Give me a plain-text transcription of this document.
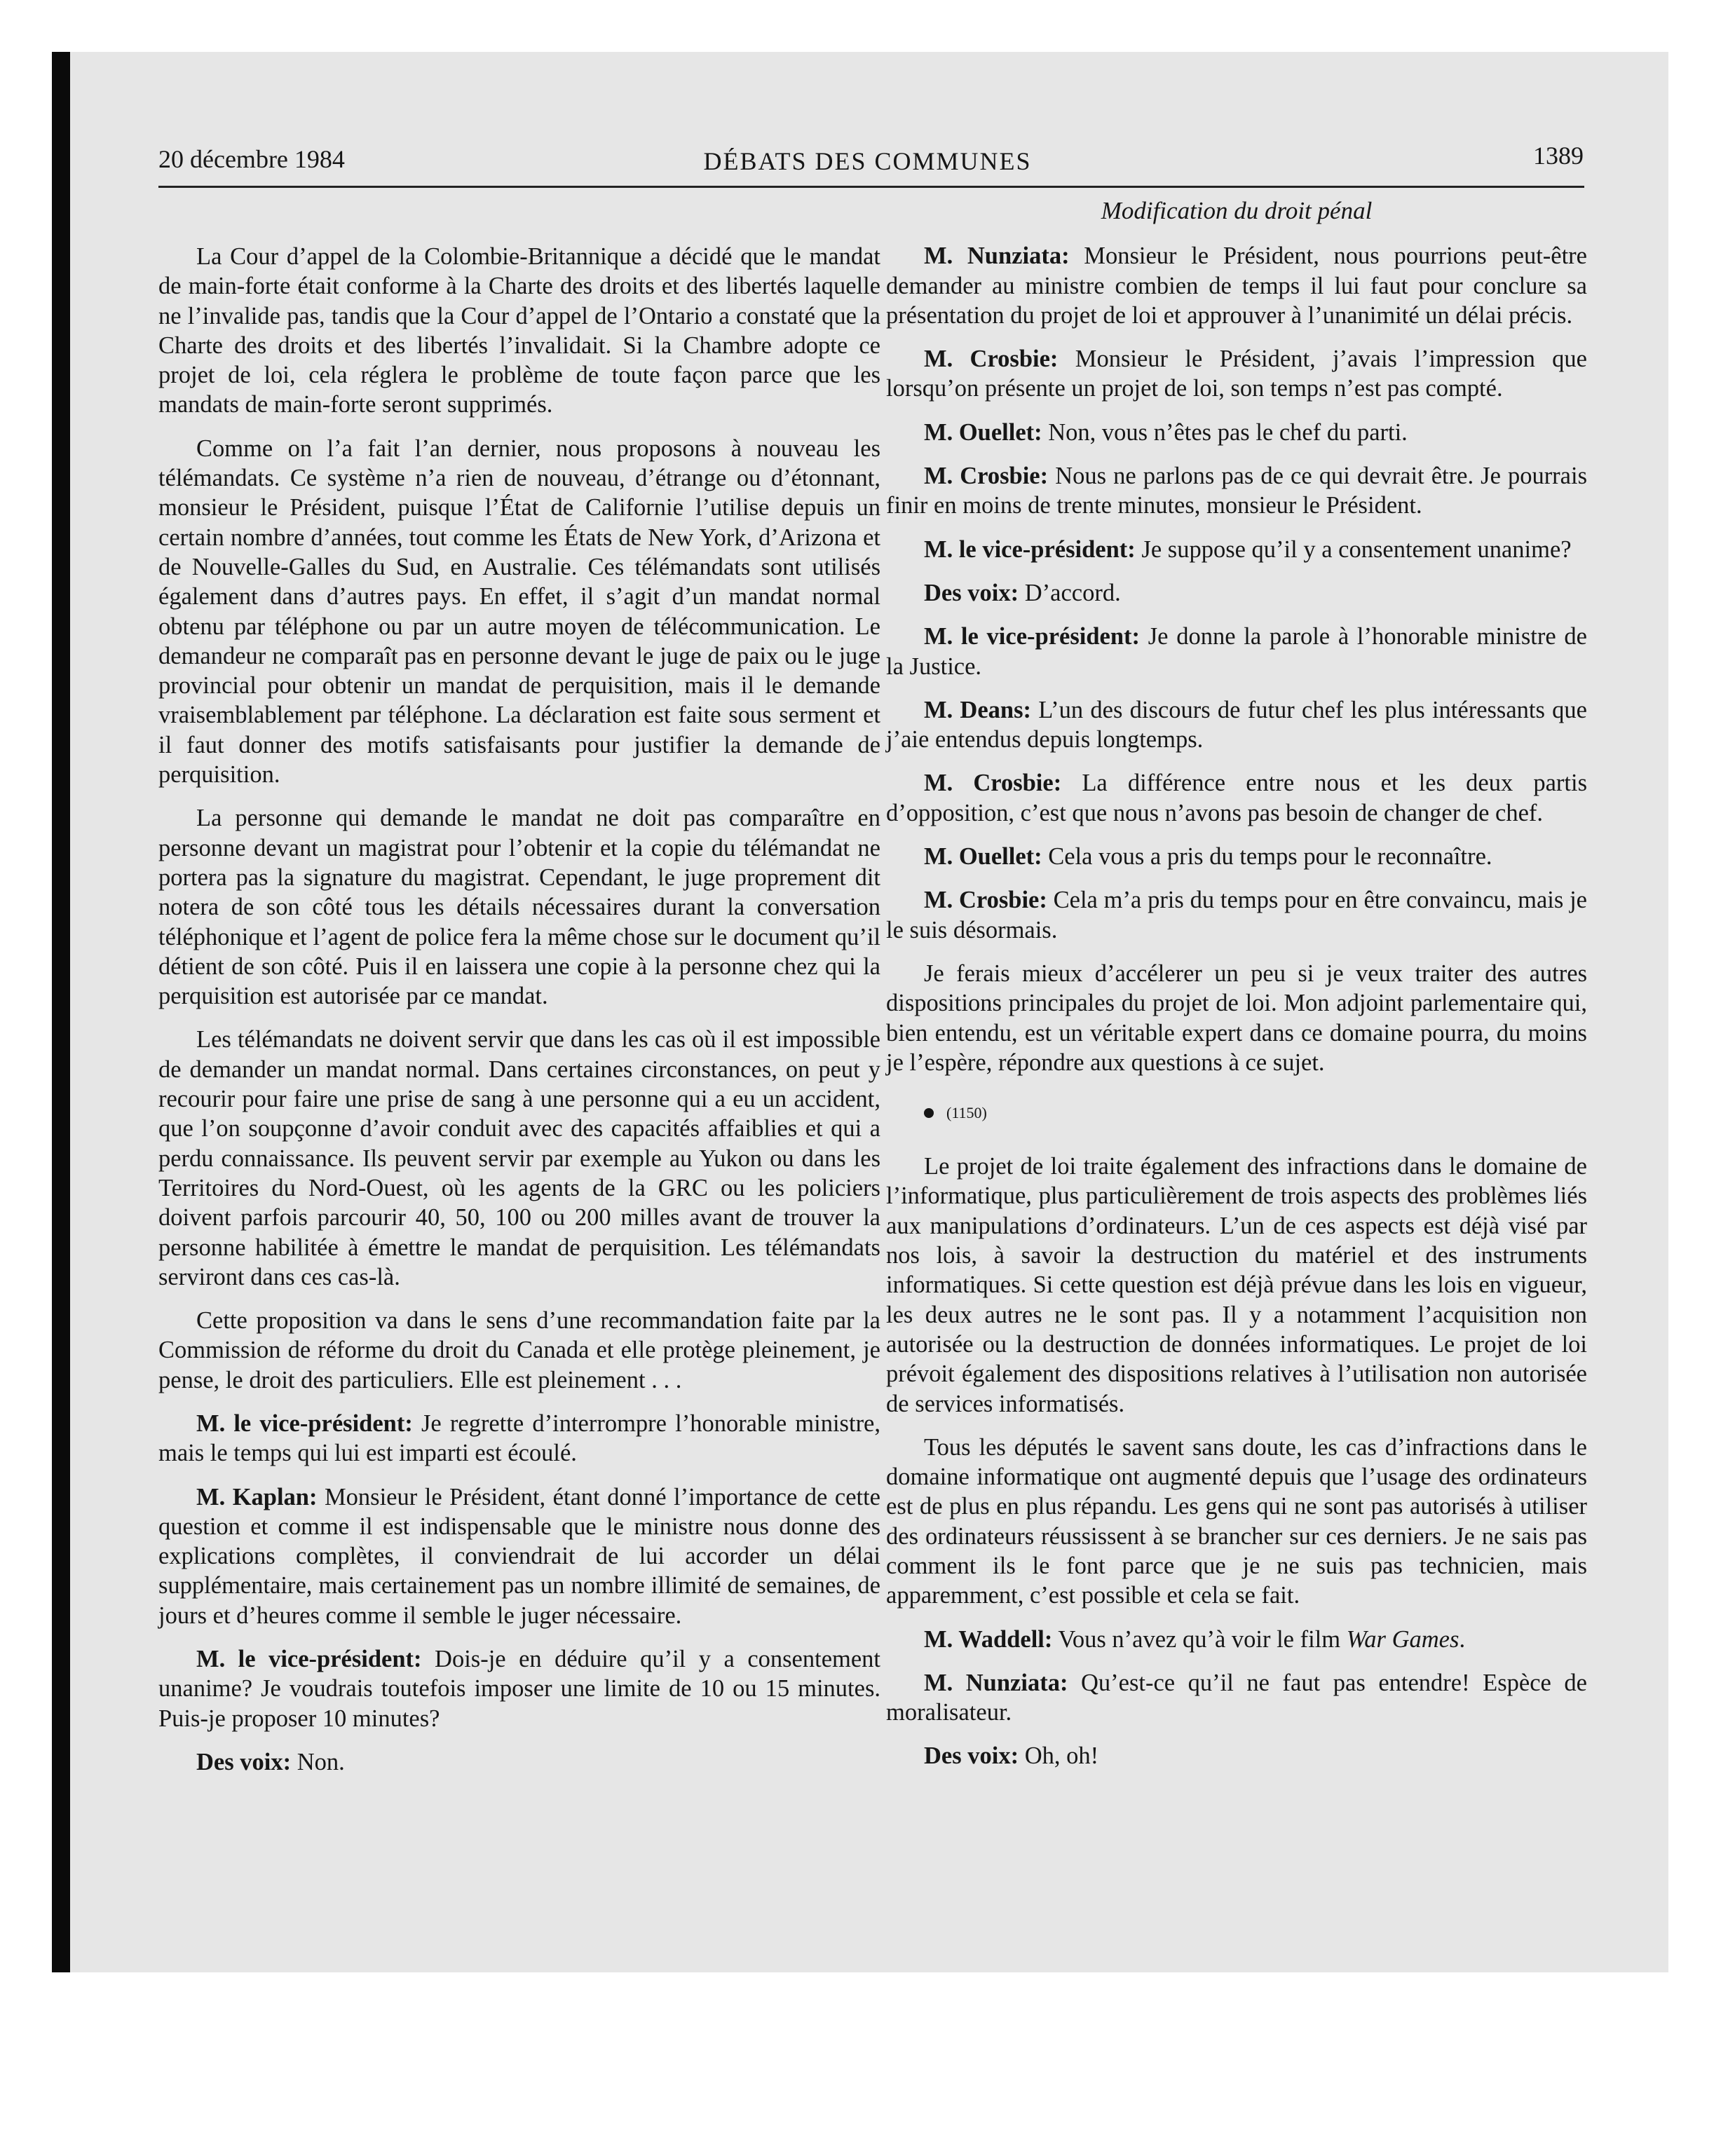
20 décembre 1984	DÉBATS DES COMMUNES	1389
La Cour d’appel de la Colombie-Britannique a décidé que le mandat de main-forte était conforme à la Charte des droits et des libertés laquelle ne l’invalide pas, tandis que la Cour d’appel de l’Ontario a constaté que la Charte des droits et des libertés l’invalidait. Si la Chambre adopte ce projet de loi, cela réglera le problème de toute façon parce que les mandats de main-forte seront supprimés.
Comme on l’a fait l’an dernier, nous proposons à nouveau les télémandats. Ce système n’a rien de nouveau, d’étrange ou d’étonnant, monsieur le Président, puisque l’État de Californie l’utilise depuis un certain nombre d’années, tout comme les États de New York, d’Arizona et de Nouvelle-Galles du Sud, en Australie. Ces télémandats sont utilisés également dans d’autres pays. En effet, il s’agit d’un mandat normal obtenu par téléphone ou par un autre moyen de télécommunication. Le demandeur ne comparaît pas en personne devant le juge de paix ou le juge provincial pour obtenir un mandat de perquisition, mais il le demande vraisemblablement par téléphone. La déclaration est faite sous serment et il faut donner des motifs satisfaisants pour justifier la demande de perquisition.
La personne qui demande le mandat ne doit pas comparaître en personne devant un magistrat pour l’obtenir et la copie du télémandat ne portera pas la signature du magistrat. Cependant, le juge proprement dit notera de son côté tous les détails nécessaires durant la conversation téléphonique et l’agent de police fera la même chose sur le document qu’il détient de son côté. Puis il en laissera une copie à la personne chez qui la perquisition est autorisée par ce mandat.
Les télémandats ne doivent servir que dans les cas où il est impossible de demander un mandat normal. Dans certaines circonstances, on peut y recourir pour faire une prise de sang à une personne qui a eu un accident, que l’on soupçonne d’avoir conduit avec des capacités affaiblies et qui a perdu connaissance. Ils peuvent servir par exemple au Yukon ou dans les Territoires du Nord-Ouest, où les agents de la GRC ou les policiers doivent parfois parcourir 40, 50, 100 ou 200 milles avant de trouver la personne habilitée à émettre le mandat de perquisition. Les télémandats serviront dans ces cas-là.
Cette proposition va dans le sens d’une recommandation faite par la Commission de réforme du droit du Canada et elle protège pleinement, je pense, le droit des particuliers. Elle est pleinement . . .
M. le vice-président: Je regrette d’interrompre l’honorable ministre, mais le temps qui lui est imparti est écoulé.
M. Kaplan: Monsieur le Président, étant donné l’importance de cette question et comme il est indispensable que le ministre nous donne des explications complètes, il conviendrait de lui accorder un délai supplémentaire, mais certainement pas un nombre illimité de semaines, de jours et d’heures comme il semble le juger nécessaire.
M. le vice-président: Dois-je en déduire qu’il y a consentement unanime? Je voudrais toutefois imposer une limite de 10 ou 15 minutes. Puis-je proposer 10 minutes?
Des voix: Non.
Modification du droit pénal
M. Nunziata: Monsieur le Président, nous pourrions peut-être demander au ministre combien de temps il lui faut pour conclure sa présentation du projet de loi et approuver à l’unanimité un délai précis.
M. Crosbie: Monsieur le Président, j’avais l’impression que lorsqu’on présente un projet de loi, son temps n’est pas compté.
M. Ouellet: Non, vous n’êtes pas le chef du parti.
M. Crosbie: Nous ne parlons pas de ce qui devrait être. Je pourrais finir en moins de trente minutes, monsieur le Président.
M. le vice-président: Je suppose qu’il y a consentement unanime?
Des voix: D’accord.
M. le vice-président: Je donne la parole à l’honorable ministre de la Justice.
M. Deans: L’un des discours de futur chef les plus intéressants que j’aie entendus depuis longtemps.
M. Crosbie: La différence entre nous et les deux partis d’opposition, c’est que nous n’avons pas besoin de changer de chef.
M. Ouellet: Cela vous a pris du temps pour le reconnaître.
M. Crosbie: Cela m’a pris du temps pour en être convaincu, mais je le suis désormais.
Je ferais mieux d’accélerer un peu si je veux traiter des autres dispositions principales du projet de loi. Mon adjoint parlementaire qui, bien entendu, est un véritable expert dans ce domaine pourra, du moins je l’espère, répondre aux questions à ce sujet.
(1150)
Le projet de loi traite également des infractions dans le domaine de l’informatique, plus particulièrement de trois aspects des problèmes liés aux manipulations d’ordinateurs. L’un de ces aspects est déjà visé par nos lois, à savoir la destruction du matériel et des instruments informatiques. Si cette question est déjà prévue dans les lois en vigueur, les deux autres ne le sont pas. Il y a notamment l’acquisition non autorisée ou la destruction de données informatiques. Le projet de loi prévoit également des dispositions relatives à l’utilisation non autorisée de services informatisés.
Tous les députés le savent sans doute, les cas d’infractions dans le domaine informatique ont augmenté depuis que l’usage des ordinateurs est de plus en plus répandu. Les gens qui ne sont pas autorisés à utiliser des ordinateurs réussissent à se brancher sur ces derniers. Je ne sais pas comment ils le font parce que je ne suis pas technicien, mais apparemment, c’est possible et cela se fait.
M. Waddell: Vous n’avez qu’à voir le film War Games.
M. Nunziata: Qu’est-ce qu’il ne faut pas entendre! Espèce de moralisateur.
Des voix: Oh, oh!
